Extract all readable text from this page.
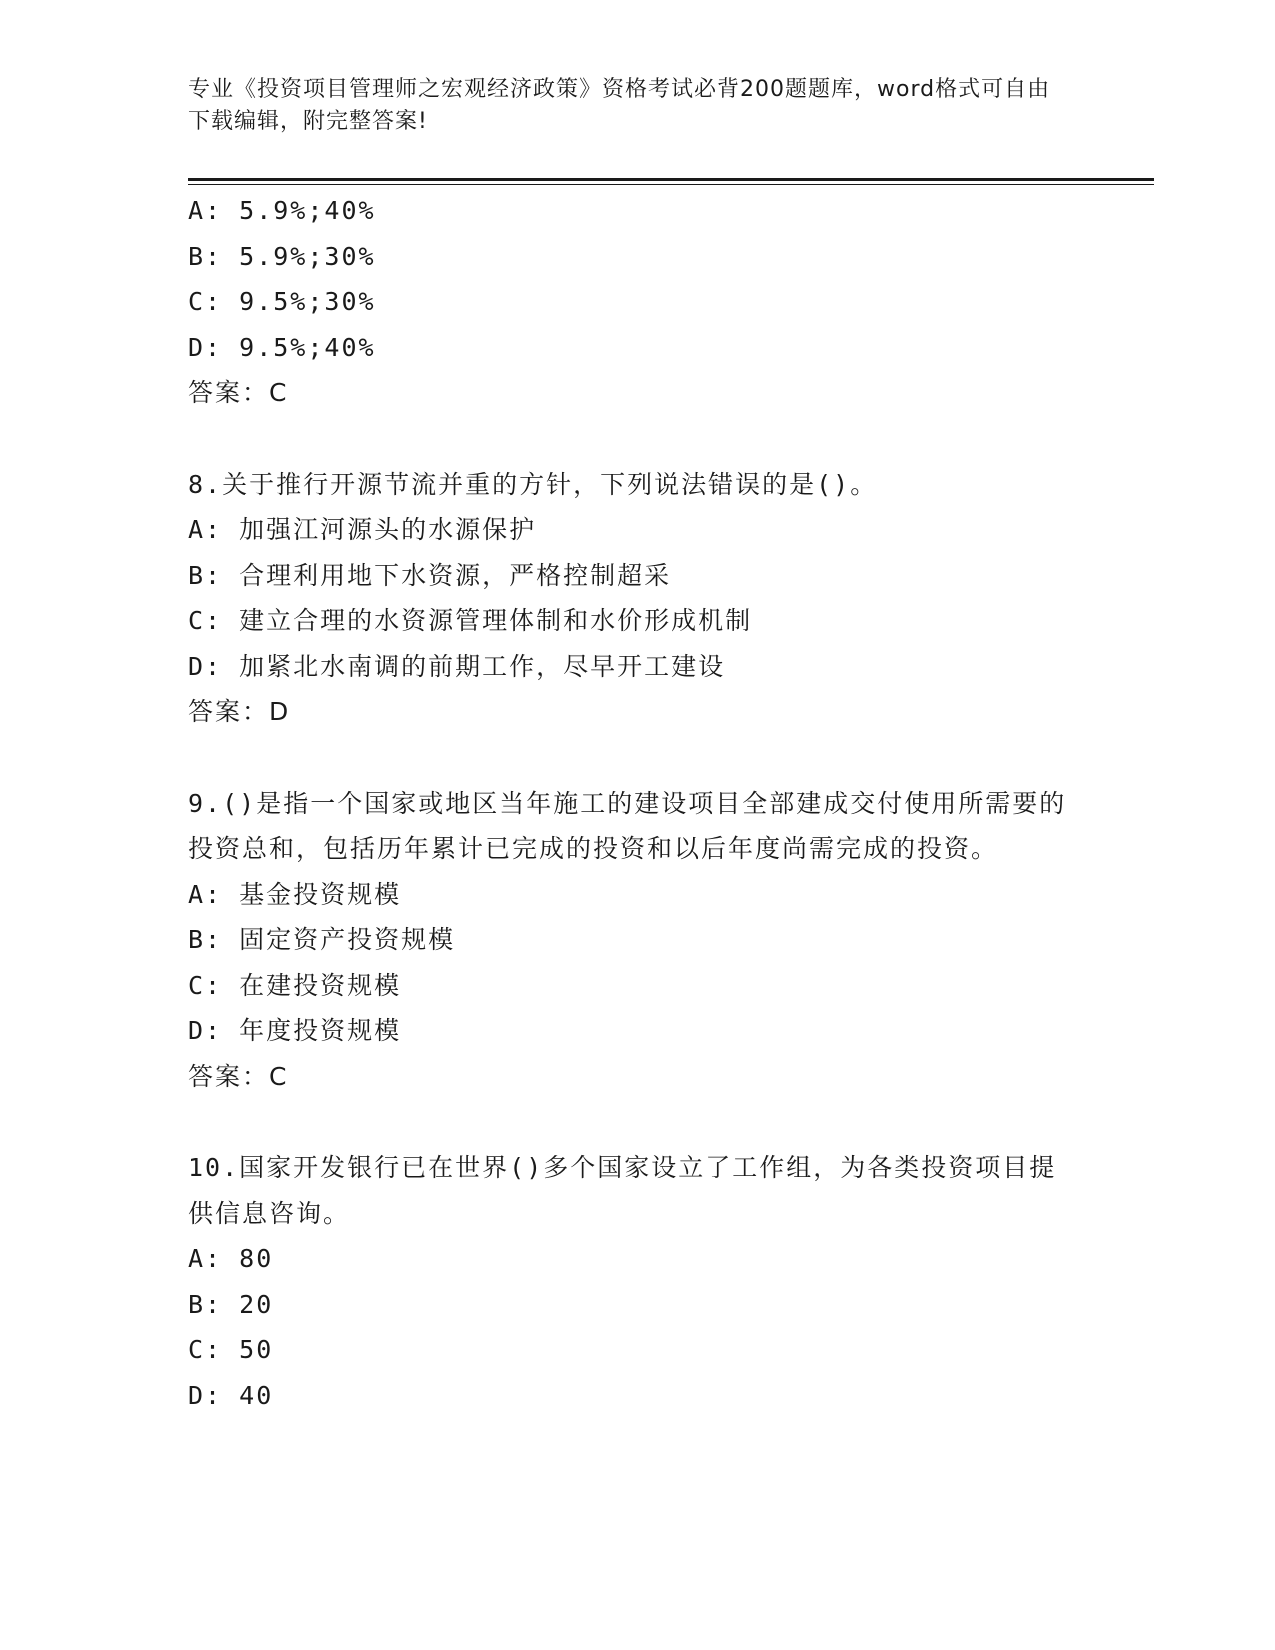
专业《投资项目管理师之宏观经济政策》资格考试必背200题题库，word格式可自由下载编辑，附完整答案!
A: 5.9%;40%
B: 5.9%;30%
C: 9.5%;30%
D: 9.5%;40%
答案：C
8.关于推行开源节流并重的方针，下列说法错误的是()。
A: 加强江河源头的水源保护
B: 合理利用地下水资源，严格控制超采
C: 建立合理的水资源管理体制和水价形成机制
D: 加紧北水南调的前期工作，尽早开工建设
答案：D
9.()是指一个国家或地区当年施工的建设项目全部建成交付使用所需要的投资总和，包括历年累计已完成的投资和以后年度尚需完成的投资。
A: 基金投资规模
B: 固定资产投资规模
C: 在建投资规模
D: 年度投资规模
答案：C
10.国家开发银行已在世界()多个国家设立了工作组，为各类投资项目提供信息咨询。
A: 80
B: 20
C: 50
D: 40
